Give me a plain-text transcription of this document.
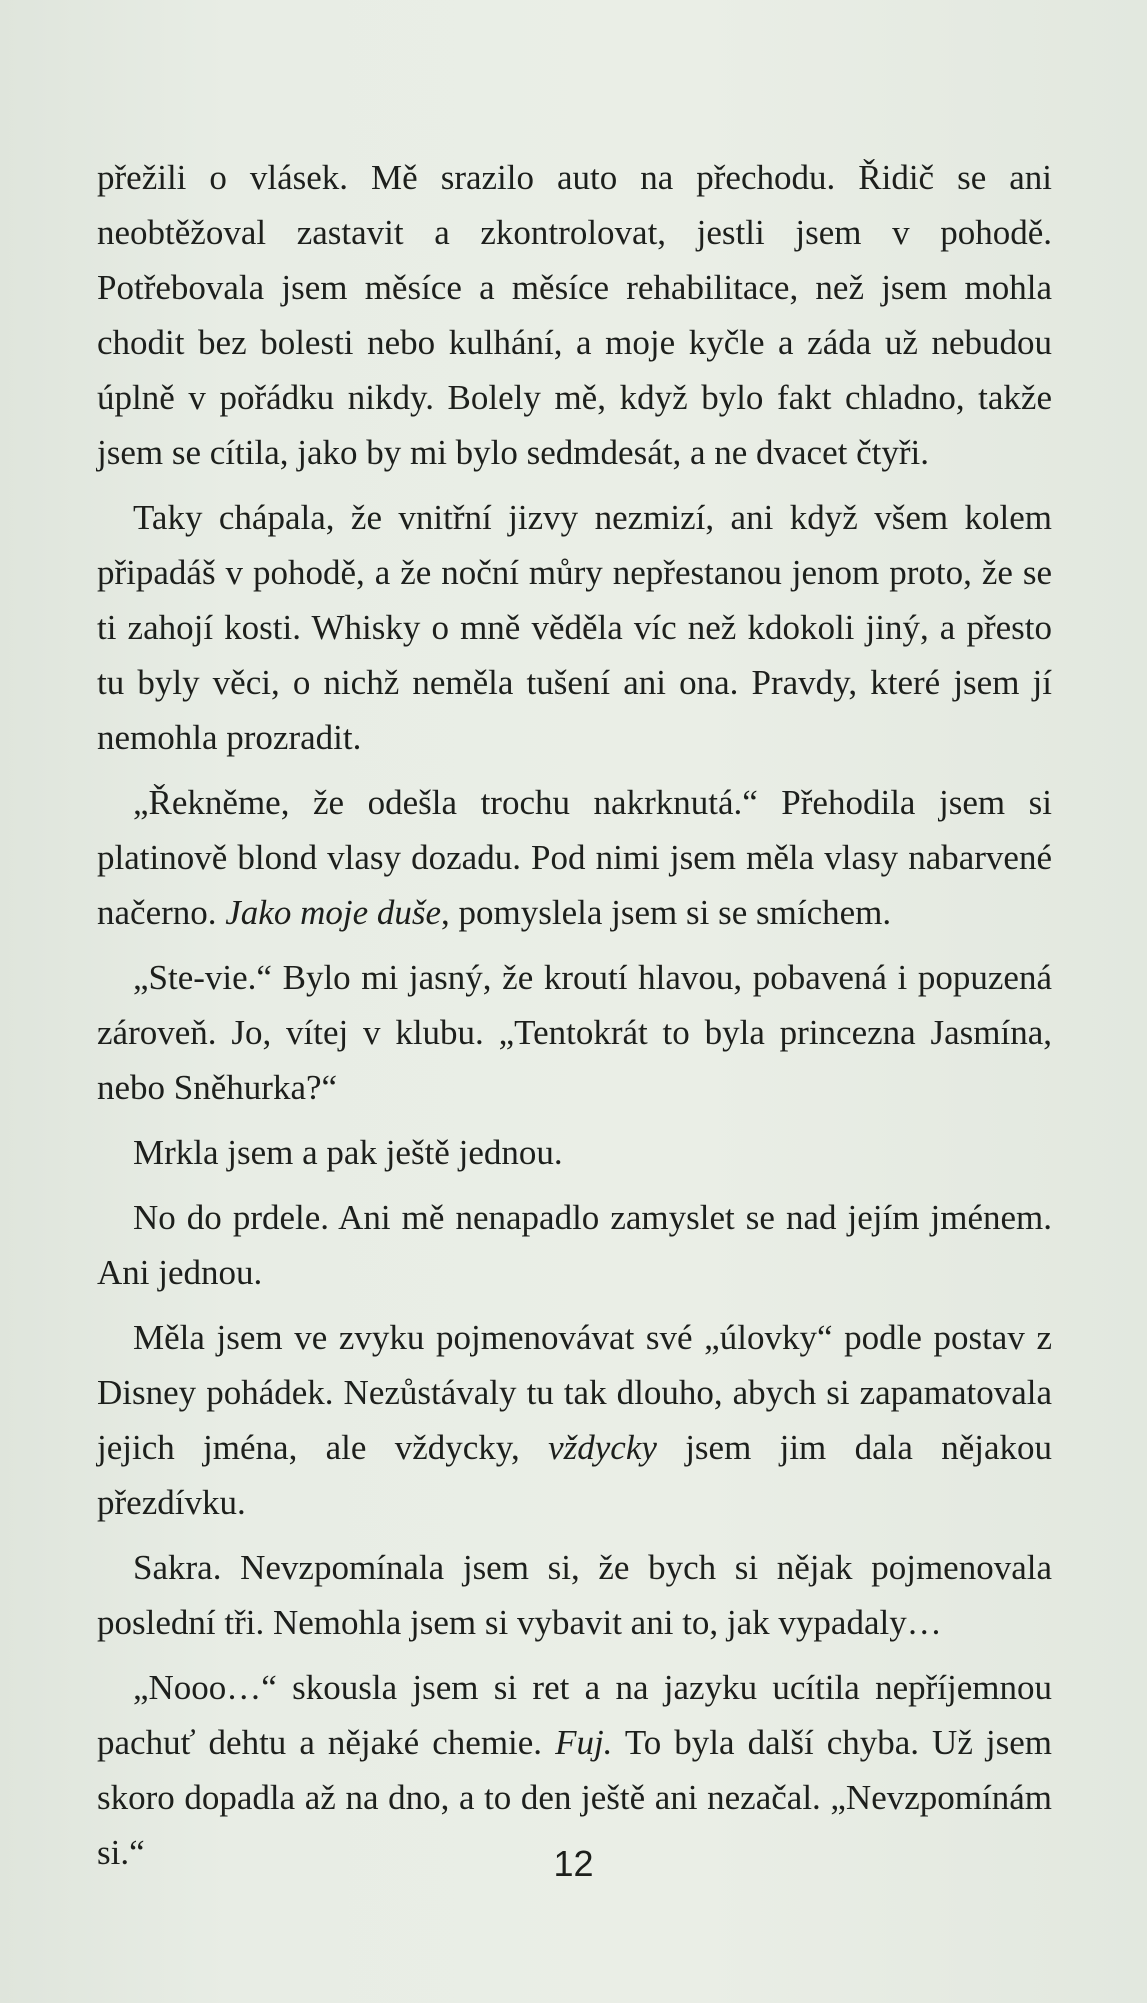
přežili o vlásek. Mě srazilo auto na přechodu. Řidič se ani neobtěžoval zastavit a zkontrolovat, jestli jsem v pohodě. Potřebovala jsem měsíce a měsíce rehabilitace, než jsem mohla chodit bez bolesti nebo kulhání, a moje kyčle a záda už nebudou úplně v pořádku nikdy. Bolely mě, když bylo fakt chladno, takže jsem se cítila, jako by mi bylo sedmdesát, a ne dvacet čtyři.

Taky chápala, že vnitřní jizvy nezmizí, ani když všem kolem připadáš v pohodě, a že noční můry nepřestanou jenom proto, že se ti zahojí kosti. Whisky o mně věděla víc než kdokoli jiný, a přesto tu byly věci, o nichž neměla tušení ani ona. Pravdy, které jsem jí nemohla prozradit.

„Řekněme, že odešla trochu nakrknutá.“ Přehodila jsem si platinově blond vlasy dozadu. Pod nimi jsem měla vlasy nabarvené načerno. Jako moje duše, pomyslela jsem si se smíchem.

„Ste-vie.“ Bylo mi jasný, že kroutí hlavou, pobavená i popuzená zároveň. Jo, vítej v klubu. „Tentokrát to byla princezna Jasmína, nebo Sněhurka?“

Mrkla jsem a pak ještě jednou.

No do prdele. Ani mě nenapadlo zamyslet se nad jejím jménem. Ani jednou.

Měla jsem ve zvyku pojmenovávat své „úlovky“ podle postav z Disney pohádek. Nezůstávaly tu tak dlouho, abych si zapamatovala jejich jména, ale vždycky, vždycky jsem jim dala nějakou přezdívku.

Sakra. Nevzpomínala jsem si, že bych si nějak pojmenovala poslední tři. Nemohla jsem si vybavit ani to, jak vypadaly…

„Nooo…“ skousla jsem si ret a na jazyku ucítila nepříjemnou pachuť dehtu a nějaké chemie. Fuj. To byla další chyba. Už jsem skoro dopadla až na dno, a to den ještě ani nezačal. „Nevzpomínám si.“	12
